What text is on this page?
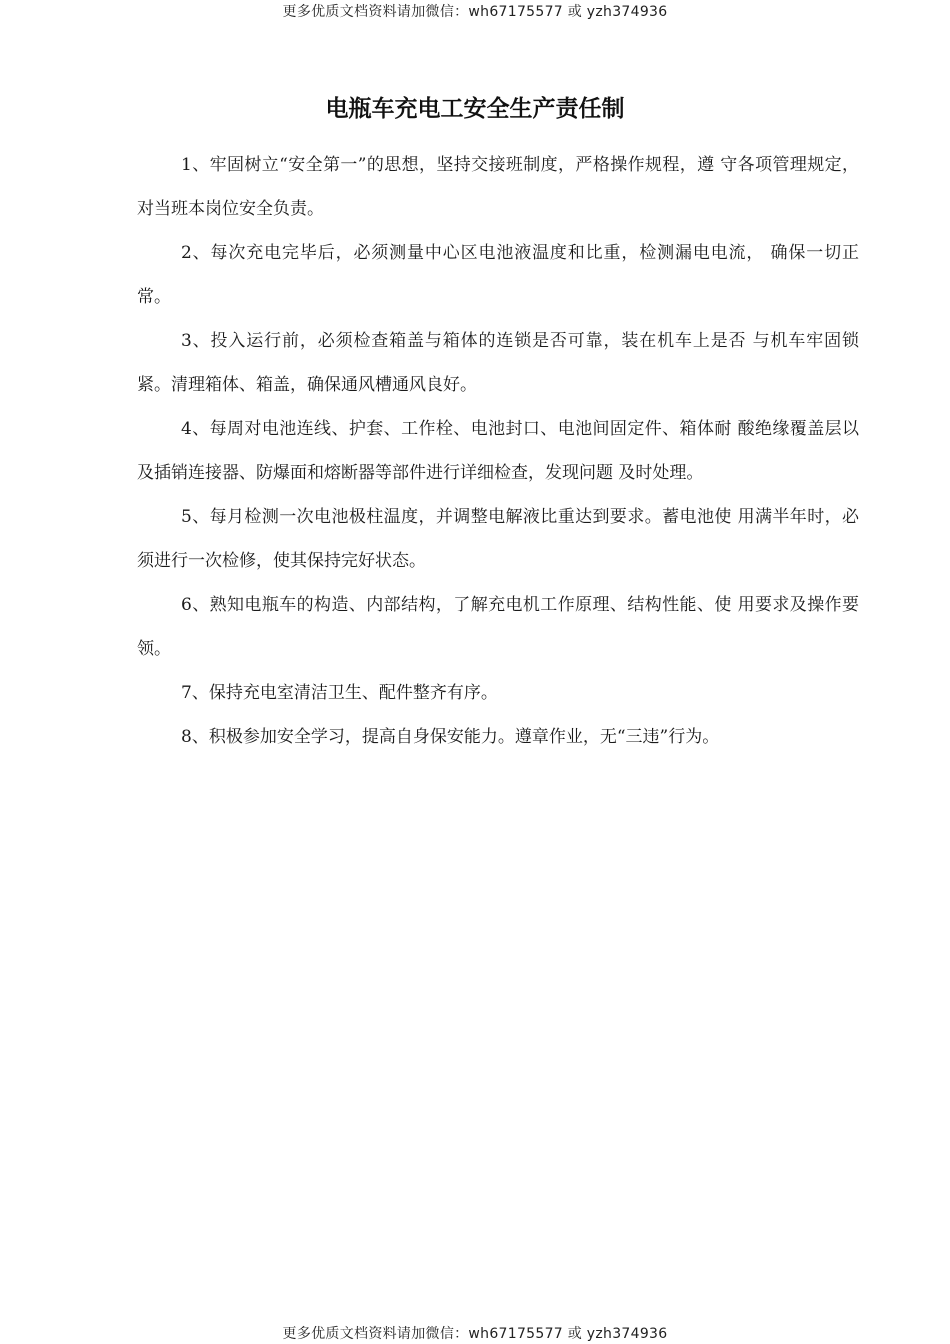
更多优质文档资料请加微信：wh67175577 或 yzh374936
电瓶车充电工安全生产责任制

1、牢固树立“安全第一”的思想，坚持交接班制度，严格操作规程，遵 守各项管理规定，对当班本岗位安全负责。

2、每次充电完毕后，必须测量中心区电池液温度和比重，检测漏电电流， 确保一切正常。

3、投入运行前，必须检查箱盖与箱体的连锁是否可靠，装在机车上是否 与机车牢固锁紧。清理箱体、箱盖，确保通风槽通风良好。

4、每周对电池连线、护套、工作栓、电池封口、电池间固定件、箱体耐 酸绝缘覆盖层以及插销连接器、防爆面和熔断器等部件进行详细检查，发现问题 及时处理。

5、每月检测一次电池极柱温度，并调整电解液比重达到要求。蓄电池使 用满半年时，必须进行一次检修，使其保持完好状态。

6、熟知电瓶车的构造、内部结构，了解充电机工作原理、结构性能、使 用要求及操作要领。

7、保持充电室清洁卫生、配件整齐有序。

8、积极参加安全学习，提高自身保安能力。遵章作业，无“三违”行为。

更多优质文档资料请加微信：wh67175577 或 yzh374936
